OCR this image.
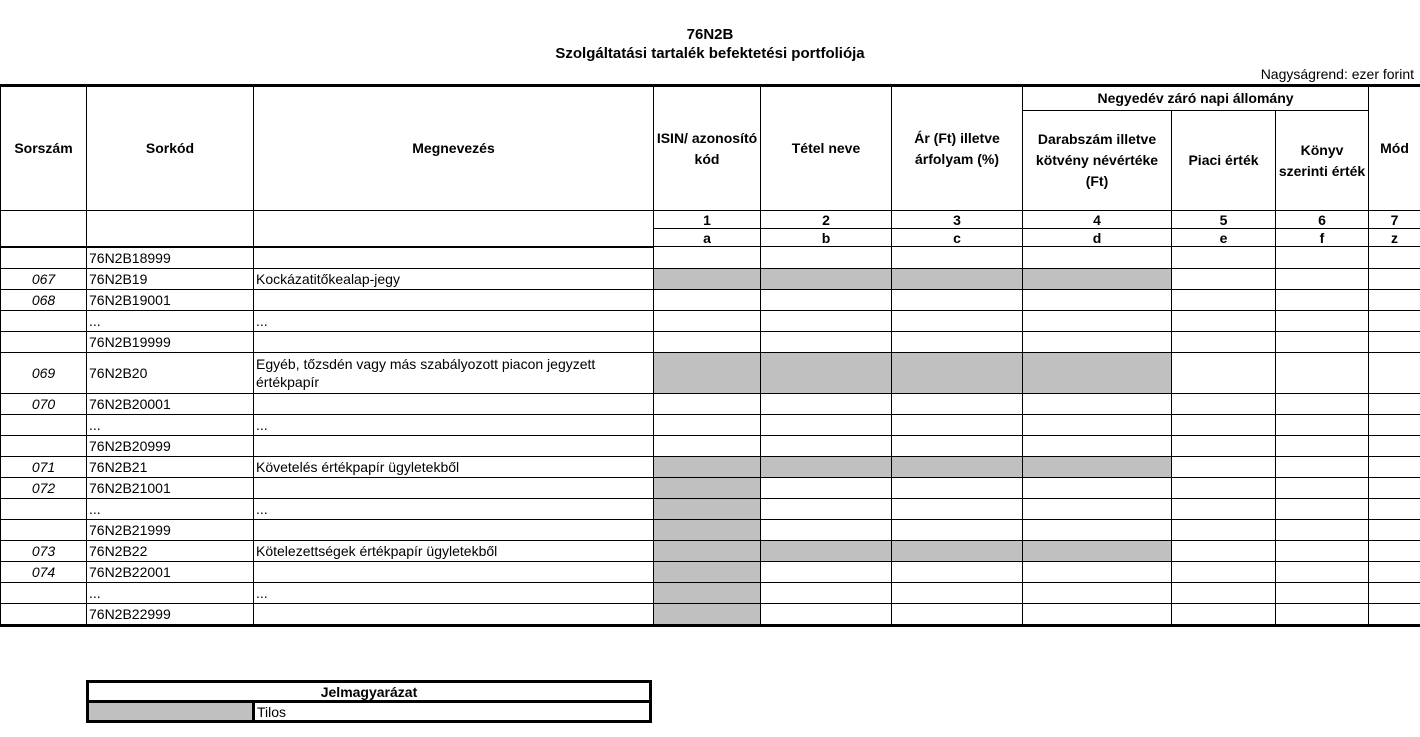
76N2B
Szolgáltatási tartalék befektetési portfoliója
Nagyságrend: ezer forint
Sorszám	Sorkód	Megnevezés	ISIN/ azonosító kód	Tétel neve	Ár (Ft) illetve árfolyam (%)	Negyedév záró napi állomány			Mód
						Darabszám illetve kötvény névértéke (Ft)	Piaci érték	Könyv szerinti érték	
			1	2	3	4	5	6	7
			a	b	c	d	e	f	z
	76N2B18999								
067	76N2B19	Kockázatitőkealap-jegy							
068	76N2B19001								
	...	...							
	76N2B19999								
069	76N2B20	Egyéb, tőzsdén vagy más szabályozott piacon jegyzett értékpapír							
070	76N2B20001								
	...	...							
	76N2B20999								
071	76N2B21	Követelés értékpapír ügyletekből							
072	76N2B21001								
	...	...							
	76N2B21999								
073	76N2B22	Kötelezettségek értékpapír ügyletekből							
074	76N2B22001								
	...	...							
	76N2B22999								
Jelmagyarázat
	Tilos
